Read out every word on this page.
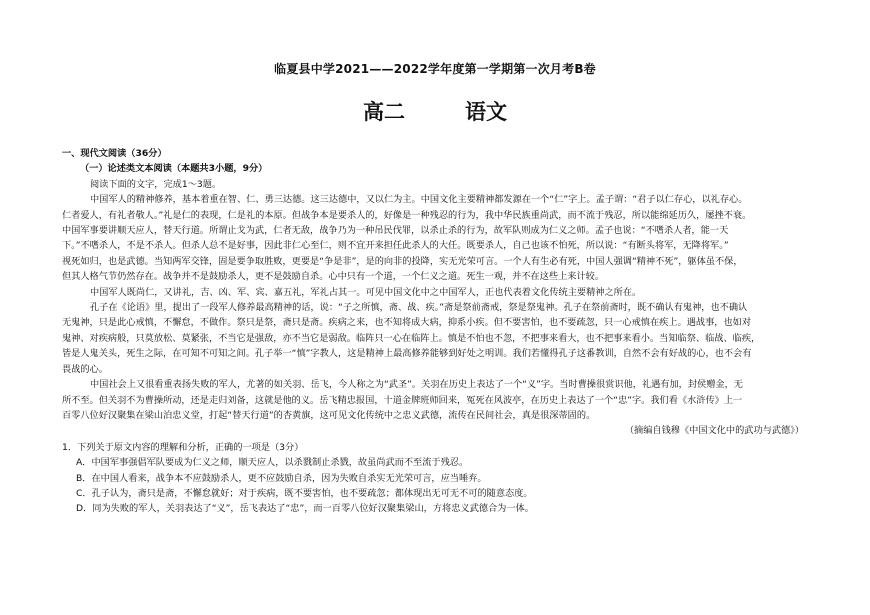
临夏县中学2021——2022学年度第一学期第一次月考B卷
高二	语文
一、现代文阅读（36分）
（一）论述类文本阅读（本题共3小题，9分）
阅读下面的文字，完成1～3题。
中国军人的精神修养，基本着重在智、仁、勇三达德。这三达德中，又以仁为主。中国文化主要精神都发源在一个“仁”字上。孟子谓：“君子以仁存心，以礼存心。
仁者爱人，有礼者敬人。”礼是仁的表现，仁是礼的本原。但战争本是要杀人的，好像是一种残忍的行为，我中华民族重尚武，而不流于残忍，所以能绵延历久，屡挫不衰。
中国军事要讲顺天应人，替天行道。所谓止戈为武，仁者无敌，战争乃为一种吊民伐罪，以杀止杀的行为，故军队则成为仁义之师。孟子也说：“不嗜杀人者，能一天
下。”不嗜杀人，不是不杀人。但杀人总不是好事，因此非仁心至仁，则不宜开来担任此杀人的大任。既要杀人，自己也该不怕死，所以说：“有断头将军，无降将军。”
视死如归，也是武德。当知两军交锋，固是要争取胜败，更要是“争是非”，是的向非的投降，实无光荣可言。一个人有生必有死，中国人强调“精神不死”，躯体虽不保，
但其人格气节仍然存在。战争并不是鼓励杀人，更不是鼓励自杀。心中只有一个道，一个仁义之道。死生一观，并不在这些上来计较。
中国军人既尚仁，又讲礼，吉、凶、军、宾、嘉五礼，军礼占其一。可见中国文化中之中国军人，正也代表着文化传统主要精神之所在。
孔子在《论语》里，提出了一段军人修养最高精神的话，说：“子之所慎，斋、战、疾。”斋是祭前斋戒，祭是祭鬼神。孔子在祭前斋时，既不确认有鬼神，也不确认
无鬼神，只是此心戒慎，不懈怠，不做作。祭只是祭，斋只是斋。疾病之来，也不知将成大病，抑系小疾。但不要害怕，也不要疏忽，只一心戒慎在疾上。遇战事，也如对
鬼神、对疾病般，只莫放松、莫紧张，不当它是强敌，亦不当它是弱敌。临阵只一心在临阵上。慎是不怕也不忽，不把事来看大，也不把事来看小。当知临祭、临战、临疾，
皆是人鬼关头，死生之际，在可知不可知之间。孔子举一“慎”字教人，这是精神上最高修养能够到好处之明训。我们若懂得孔子这番教训，自然不会有好战的心，也不会有
畏战的心。
中国社会上又很看重表扬失败的军人，尤著的如关羽、岳飞，今人称之为“武圣”。关羽在历史上表达了一个“义”字。当时曹操很赏识他，礼遇有加，封侯赠金，无
所不至。但关羽不为曹操所动，还是走归刘备，这就是他的义。岳飞精忠报国，十道金牌班师回来，冤死在风波亭，在历史上表达了一个“忠”字。我们看《水浒传》上一
百零八位好汉聚集在梁山泊忠义堂，打起“替天行道”的杏黄旗，这可见文化传统中之忠义武德，流传在民间社会，真是很深蒂固的。
（摘编自钱穆《中国文化中的武功与武德》）
1．下列关于原文内容的理解和分析，正确的一项是（3分）
A．中国军事强倡军队要成为仁义之师，顺天应人，以杀戮制止杀戮，故虽尚武而不至流于残忍。
B．在中国人看来，战争本不应鼓励杀人，更不应鼓励自杀，因为失败自杀实无光荣可言，应当唾弃。
C．孔子认为，斋只是斋，不懈怠就好；对于疾病，既不要害怕，也不要疏忽；都体现出无可无不可的随意态度。
D．同为失败的军人，关羽表达了“义”，岳飞表达了“忠”，而一百零八位好汉聚集梁山，方将忠义武德合为一体。
